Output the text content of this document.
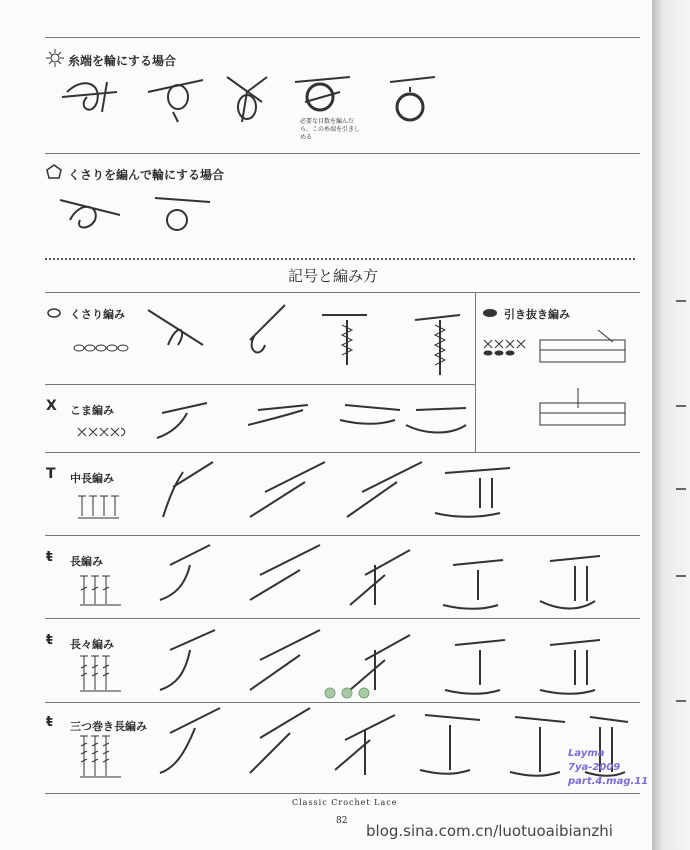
糸端を輪にする場合
必要な目数を編んだら、この糸端を引きしめる
くさりを編んで輪にする場合
記号と編み方
くさり編み	引き抜き編み
X こま編み
T 中長編み
ŧ 長編み
ŧ 長々編み
ŧ 三つ巻き長編み
Classic Crochet Lace
82
Layma
7ya-2009
part.4.mag.11
blog.sina.com.cn/luotuoaibianzhi
